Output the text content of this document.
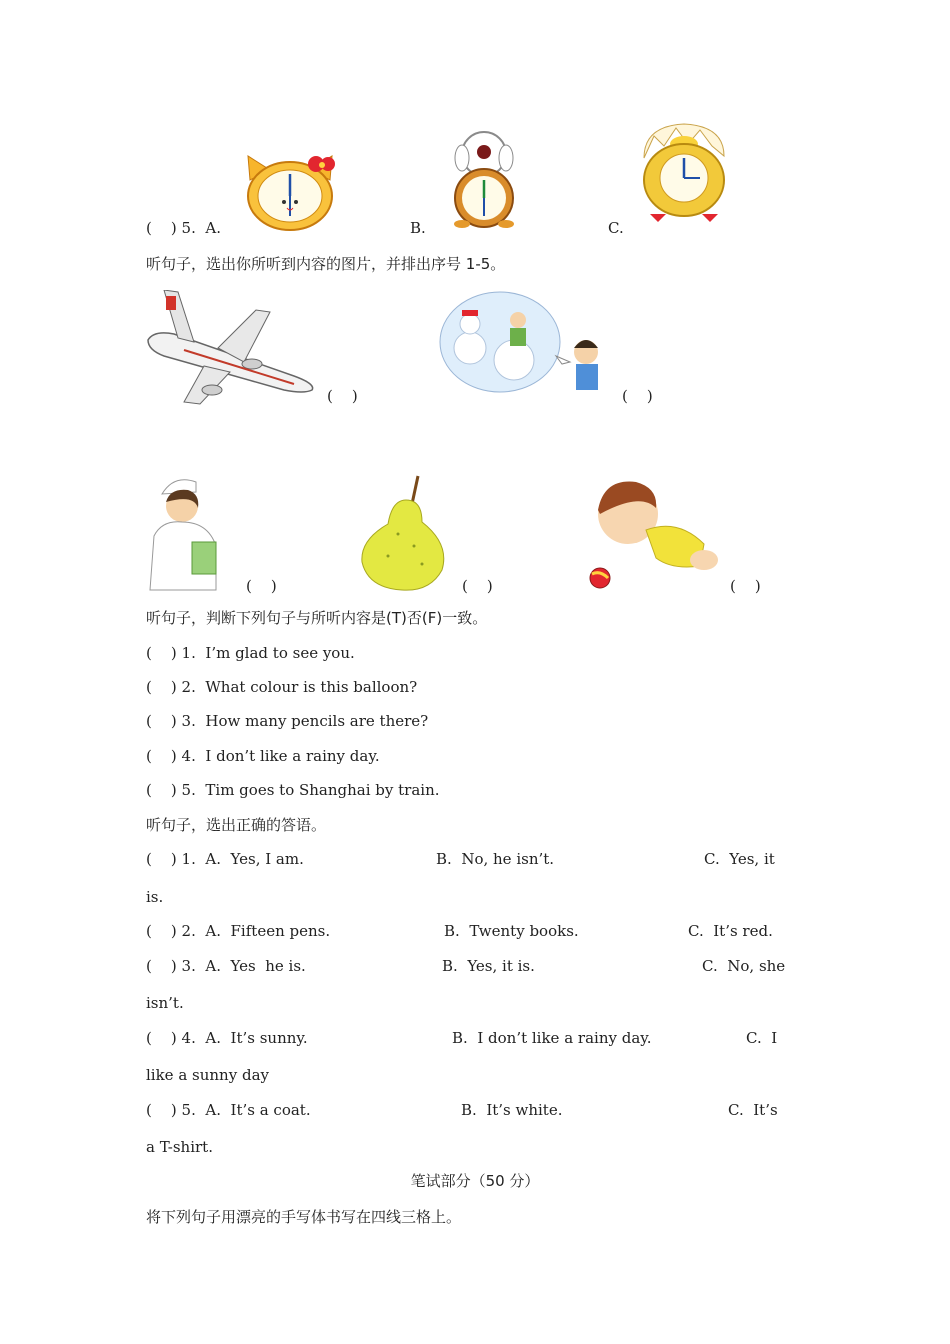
(    ) 5.  A.	B.	C.
听句子，选出你所听到内容的图片，并排出序号 1-5。
(    )	(    )
(    )	(    )	(    )
听句子，判断下列句子与所听内容是(T)否(F)一致。
(    ) 1.  I’m glad to see you.
(    ) 2.  What colour is this balloon?
(    ) 3.  How many pencils are there?
(    ) 4.  I don’t like a rainy day.
(    ) 5.  Tim goes to Shanghai by train.
听句子，选出正确的答语。
(    ) 1.  A.  Yes, I am.	B.  No, he isn’t.	C.  Yes, it
is.
(    ) 2.  A.  Fifteen pens.	B.  Twenty books.	C.  It’s red.
(    ) 3.  A.  Yes  he is.	B.  Yes, it is.	C.  No, she
isn’t.
(    ) 4.  A.  It’s sunny.	B.  I don’t like a rainy day.	C.  I
like a sunny day
(    ) 5.  A.  It’s a coat.	B.  It’s white.	C.  It’s
a T-shirt.
笔试部分（50 分）
将下列句子用漂亮的手写体书写在四线三格上。
